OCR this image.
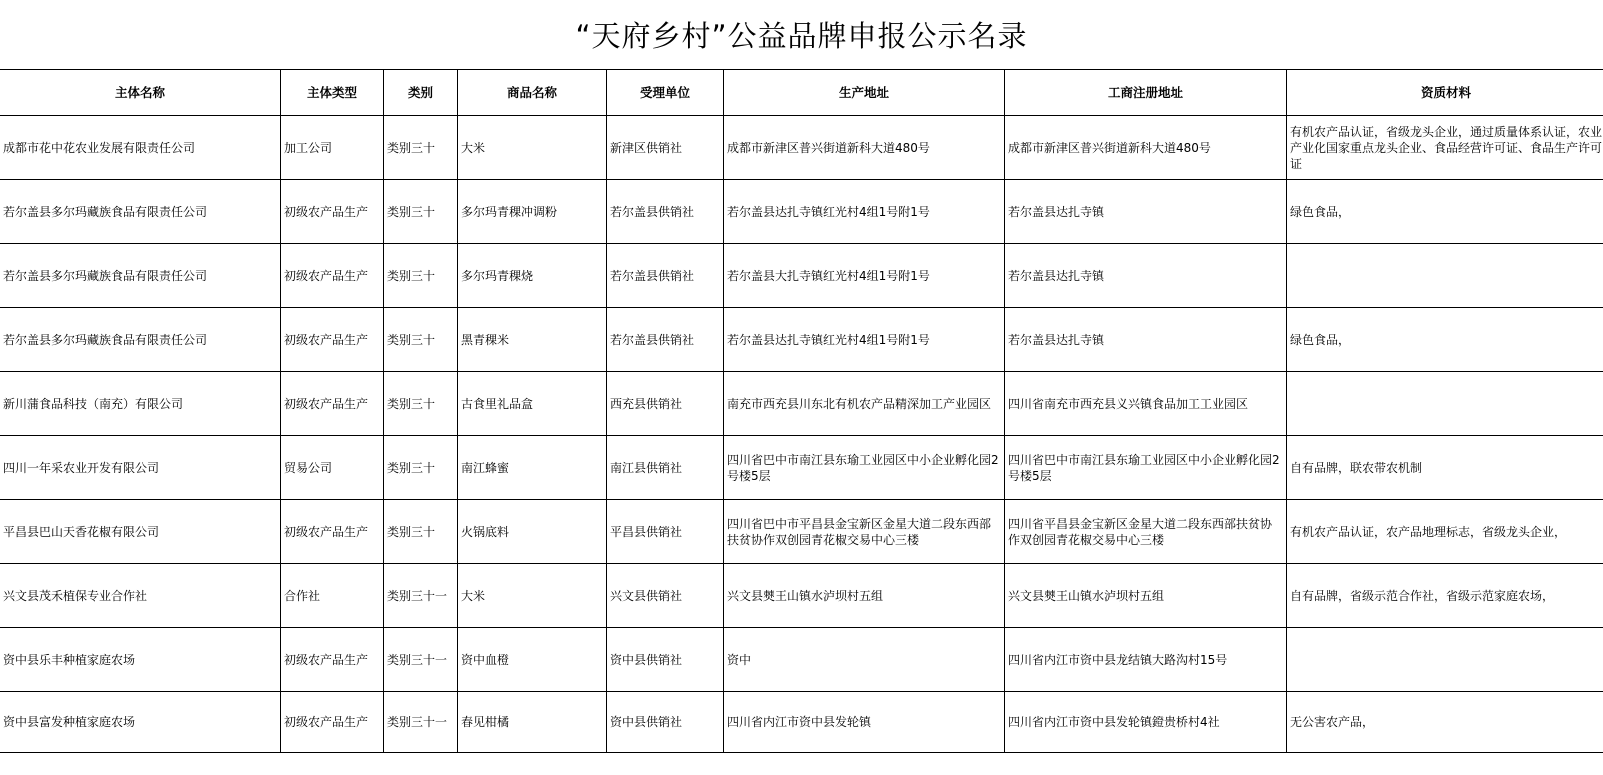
“天府乡村”公益品牌申报公示名录
主体名称	主体类型	类别	商品名称	受理单位	生产地址	工商注册地址	资质材料
成都市花中花农业发展有限责任公司	加工公司	类别三十	大米	新津区供销社	成都市新津区普兴街道新科大道480号	成都市新津区普兴街道新科大道480号	有机农产品认证，省级龙头企业，通过质量体系认证，农业产业化国家重点龙头企业、食品经营许可证、食品生产许可证
若尔盖县多尔玛藏族食品有限责任公司	初级农产品生产	类别三十	多尔玛青稞冲调粉	若尔盖县供销社	若尔盖县达扎寺镇红光村4组1号附1号	若尔盖县达扎寺镇	绿色食品，
若尔盖县多尔玛藏族食品有限责任公司	初级农产品生产	类别三十	多尔玛青稞烧	若尔盖县供销社	若尔盖县大扎寺镇红光村4组1号附1号	若尔盖县达扎寺镇	
若尔盖县多尔玛藏族食品有限责任公司	初级农产品生产	类别三十	黑青稞米	若尔盖县供销社	若尔盖县达扎寺镇红光村4组1号附1号	若尔盖县达扎寺镇	绿色食品，
新川蒲食品科技（南充）有限公司	初级农产品生产	类别三十	古食里礼品盒	西充县供销社	南充市西充县川东北有机农产品精深加工产业园区	四川省南充市西充县义兴镇食品加工工业园区	
四川一年采农业开发有限公司	贸易公司	类别三十	南江蜂蜜	南江县供销社	四川省巴中市南江县东瑜工业园区中小企业孵化园2号楼5层	四川省巴中市南江县东瑜工业园区中小企业孵化园2号楼5层	自有品牌，联农带农机制
平昌县巴山天香花椒有限公司	初级农产品生产	类别三十	火锅底料	平昌县供销社	四川省巴中市平昌县金宝新区金星大道二段东西部扶贫协作双创园青花椒交易中心三楼	四川省平昌县金宝新区金星大道二段东西部扶贫协作双创园青花椒交易中心三楼	有机农产品认证，农产品地理标志，省级龙头企业，
兴文县茂禾植保专业合作社	合作社	类别三十一	大米	兴文县供销社	兴文县僰王山镇水泸坝村五组	兴文县僰王山镇水泸坝村五组	自有品牌，省级示范合作社，省级示范家庭农场，
资中县乐丰种植家庭农场	初级农产品生产	类别三十一	资中血橙	资中县供销社	资中	四川省内江市资中县龙结镇大路沟村15号	
资中县富发种植家庭农场	初级农产品生产	类别三十一	春见柑橘	资中县供销社	四川省内江市资中县发轮镇	四川省内江市资中县发轮镇鐙贵桥村4社	无公害农产品，
